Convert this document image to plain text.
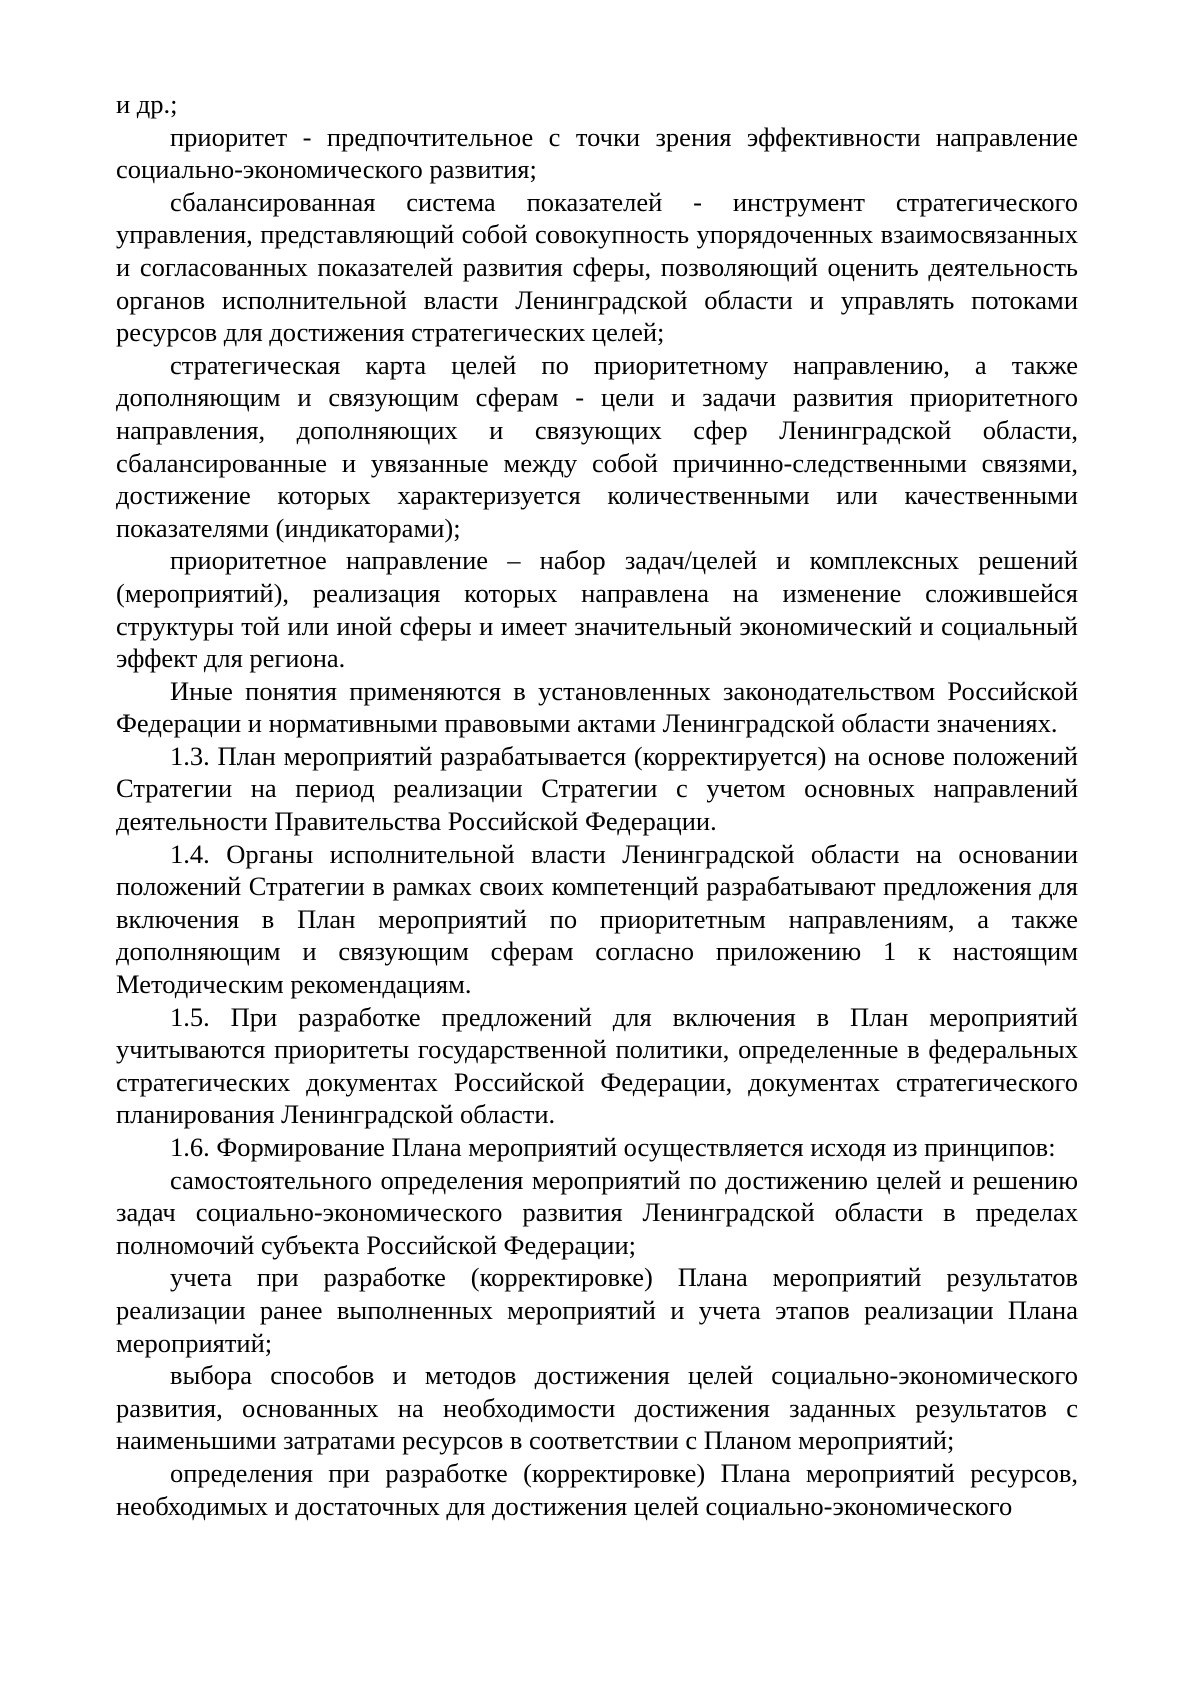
и др.;

приоритет - предпочтительное с точки зрения эффективности направление социально-экономического развития;

сбалансированная система показателей - инструмент стратегического управления, представляющий собой совокупность упорядоченных взаимосвязанных и согласованных показателей развития сферы, позволяющий оценить деятельность органов исполнительной власти Ленинградской области и управлять потоками ресурсов для достижения стратегических целей;

стратегическая карта целей по приоритетному направлению, а также дополняющим и связующим сферам - цели и задачи развития приоритетного направления, дополняющих и связующих сфер Ленинградской области, сбалансированные и увязанные между собой причинно-следственными связями, достижение которых характеризуется количественными или качественными показателями (индикаторами);

приоритетное направление – набор задач/целей и комплексных решений (мероприятий), реализация которых направлена на изменение сложившейся структуры той или иной сферы и имеет значительный экономический и социальный эффект для региона.

Иные понятия применяются в установленных законодательством Российской Федерации и нормативными правовыми актами Ленинградской области значениях.

1.3. План мероприятий разрабатывается (корректируется) на основе положений Стратегии на период реализации Стратегии с учетом основных направлений деятельности Правительства Российской Федерации.

1.4. Органы исполнительной власти Ленинградской области на основании положений Стратегии в рамках своих компетенций разрабатывают предложения для включения в План мероприятий по приоритетным направлениям, а также дополняющим и связующим сферам согласно приложению 1 к настоящим Методическим рекомендациям.

1.5. При разработке предложений для включения в План мероприятий учитываются приоритеты государственной политики, определенные в федеральных стратегических документах Российской Федерации, документах стратегического планирования Ленинградской области.

1.6. Формирование Плана мероприятий осуществляется исходя из принципов:

самостоятельного определения мероприятий по достижению целей и решению задач социально-экономического развития Ленинградской области в пределах полномочий субъекта Российской Федерации;

учета при разработке (корректировке) Плана мероприятий результатов реализации ранее выполненных мероприятий и учета этапов реализации Плана мероприятий;

выбора способов и методов достижения целей социально-экономического развития, основанных на необходимости достижения заданных результатов с наименьшими затратами ресурсов в соответствии с Планом мероприятий;

определения при разработке (корректировке) Плана мероприятий ресурсов, необходимых и достаточных для достижения целей социально-экономического
